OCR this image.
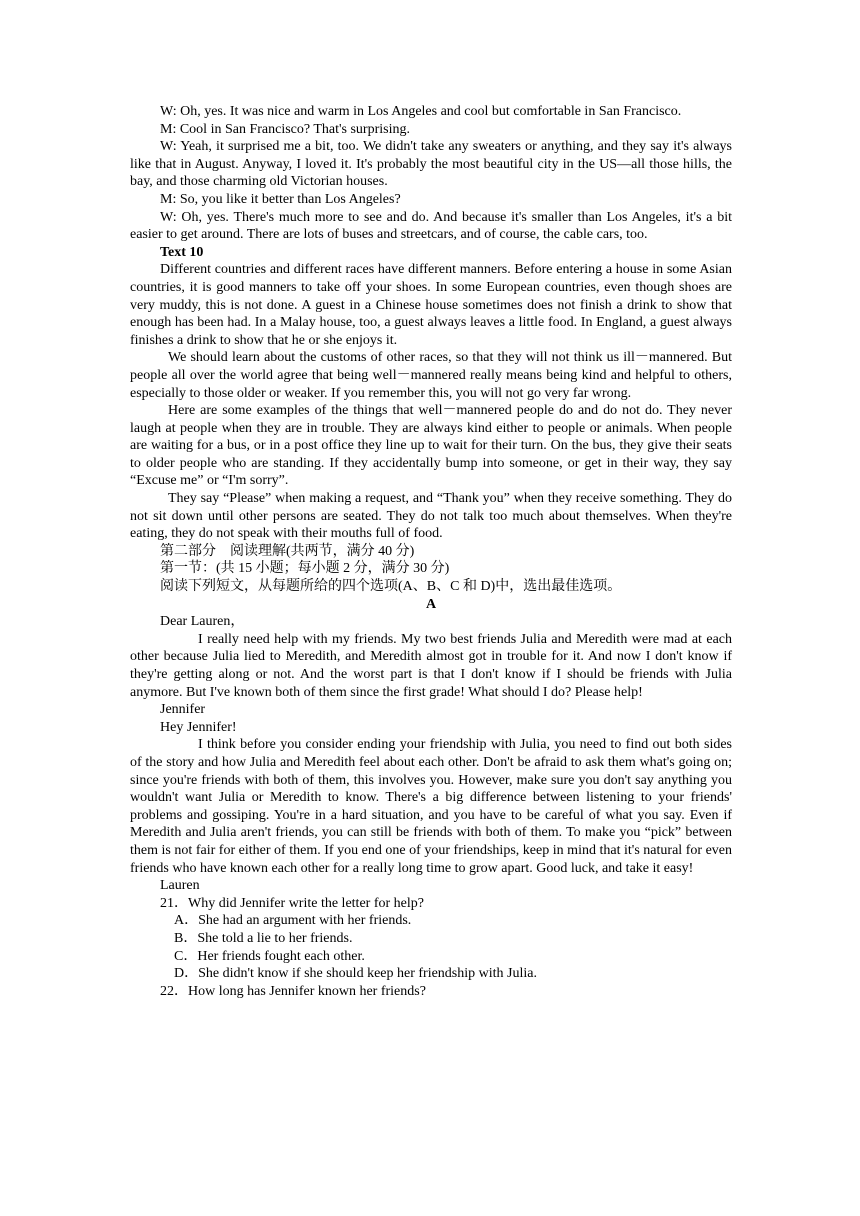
W: Oh, yes. It was nice and warm in Los Angeles and cool but comfortable in San Francisco.

M: Cool in San Francisco? That's surprising.

W: Yeah, it surprised me a bit, too. We didn't take any sweaters or anything, and they say it's always like that in August. Anyway, I loved it. It's probably the most beautiful city in the US—all those hills, the bay, and those charming old Victorian houses.

M: So, you like it better than Los Angeles?

W: Oh, yes. There's much more to see and do. And because it's smaller than Los Angeles, it's a bit easier to get around. There are lots of buses and streetcars, and of course, the cable cars, too.

Text 10

Different countries and different races have different manners. Before entering a house in some Asian countries, it is good manners to take off your shoes. In some European countries, even though shoes are very muddy, this is not done. A guest in a Chinese house sometimes does not finish a drink to show that enough has been had. In a Malay house, too, a guest always leaves a little food. In England, a guest always finishes a drink to show that he or she enjoys it.

We should learn about the customs of other races, so that they will not think us ill－mannered. But people all over the world agree that being well－mannered really means being kind and helpful to others, especially to those older or weaker. If you remember this, you will not go very far wrong.

Here are some examples of the things that well－mannered people do and do not do. They never laugh at people when they are in trouble. They are always kind either to people or animals. When people are waiting for a bus, or in a post office they line up to wait for their turn. On the bus, they give their seats to older people who are standing. If they accidentally bump into someone, or get in their way, they say “Excuse me” or “I'm sorry”.

They say “Please” when making a request, and “Thank you” when they receive something. They do not sit down until other persons are seated. They do not talk too much about themselves. When they're eating, they do not speak with their mouths full of food.

第二部分　阅读理解(共两节，满分 40 分)

第一节：(共 15 小题；每小题 2 分，满分 30 分)

阅读下列短文，从每题所给的四个选项(A、B、C 和 D)中，选出最佳选项。

A

Dear Lauren，

I really need help with my friends. My two best friends Julia and Meredith were mad at each other because Julia lied to Meredith, and Meredith almost got in trouble for it. And now I don't know if they're getting along or not. And the worst part is that I don't know if I should be friends with Julia anymore. But I've known both of them since the first grade! What should I do? Please help!

Jennifer

Hey Jennifer!

I think before you consider ending your friendship with Julia, you need to find out both sides of the story and how Julia and Meredith feel about each other. Don't be afraid to ask them what's going on; since you're friends with both of them, this involves you. However, make sure you don't say anything you wouldn't want Julia or Meredith to know. There's a big difference between listening to your friends' problems and gossiping. You're in a hard situation, and you have to be careful of what you say. Even if Meredith and Julia aren't friends, you can still be friends with both of them. To make you “pick” between them is not fair for either of them. If you end one of your friendships, keep in mind that it's natural for even friends who have known each other for a really long time to grow apart. Good luck, and take it easy!

Lauren

21．Why did Jennifer write the letter for help?

A．She had an argument with her friends.

B．She told a lie to her friends.

C．Her friends fought each other.

D．She didn't know if she should keep her friendship with Julia.

22．How long has Jennifer known her friends?
